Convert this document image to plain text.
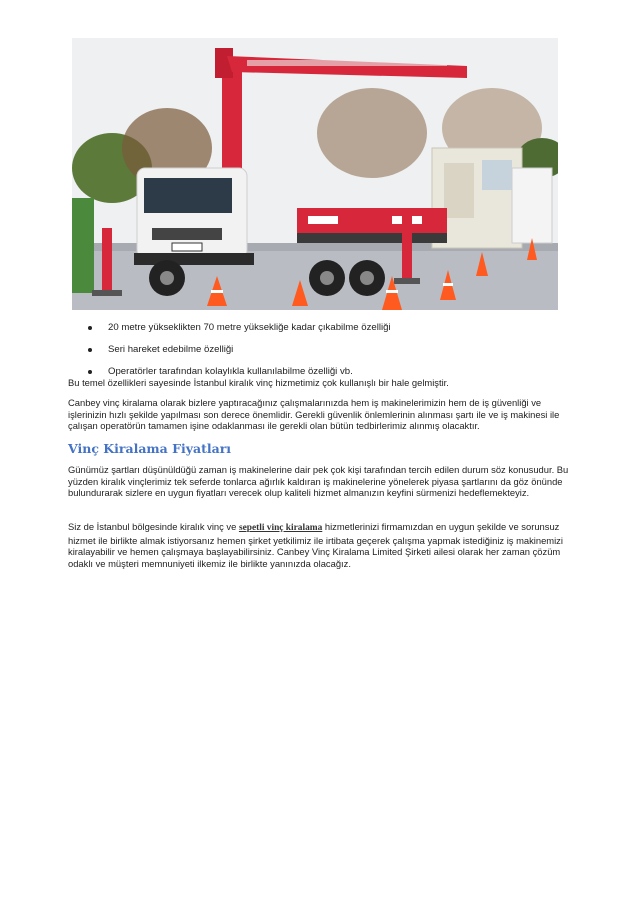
20 metre yükseklikten 70 metre yüksekliğe kadar çıkabilme özelliği
Seri hareket edebilme özelliği
Operatörler tarafından kolaylıkla kullanılabilme özelliği vb.

Bu temel özellikleri sayesinde İstanbul kiralık vinç hizmetimiz çok kullanışlı bir hale gelmiştir.

Canbey vinç kiralama olarak bizlere yaptıracağınız çalışmalarınızda hem iş makinelerimizin hem de iş güvenliği ve işlerinizin hızlı şekilde yapılması son derece önemlidir. Gerekli güvenlik önlemlerinin alınması şartı ile ve iş makinesi ile çalışan operatörün tamamen işine odaklanması ile gerekli olan bütün tedbirlerimiz alınmış olacaktır.

Vinç Kiralama Fiyatları

Günümüz şartları düşünüldüğü zaman iş makinelerine dair pek çok kişi tarafından tercih edilen durum söz konusudur. Bu yüzden kiralık vinçlerimiz tek seferde tonlarca ağırlık kaldıran iş makinelerine yönelerek piyasa şartlarını da göz önünde bulundurarak sizlere en uygun fiyatları verecek olup kaliteli hizmet almanızın keyfini sürmenizi hedeflemekteyiz.

Siz de İstanbul bölgesinde kiralık vinç ve sepetli vinç kiralama hizmetlerinizi firmamızdan en uygun şekilde ve sorunsuz hizmet ile birlikte almak istiyorsanız hemen şirket yetkilimiz ile irtibata geçerek çalışma yapmak istediğiniz iş makinemizi kiralayabilir ve hemen çalışmaya başlayabilirsiniz. Canbey Vinç Kiralama Limited Şirketi ailesi olarak her zaman çözüm odaklı ve müşteri memnuniyeti ilkemiz ile birlikte yanınızda olacağız.
